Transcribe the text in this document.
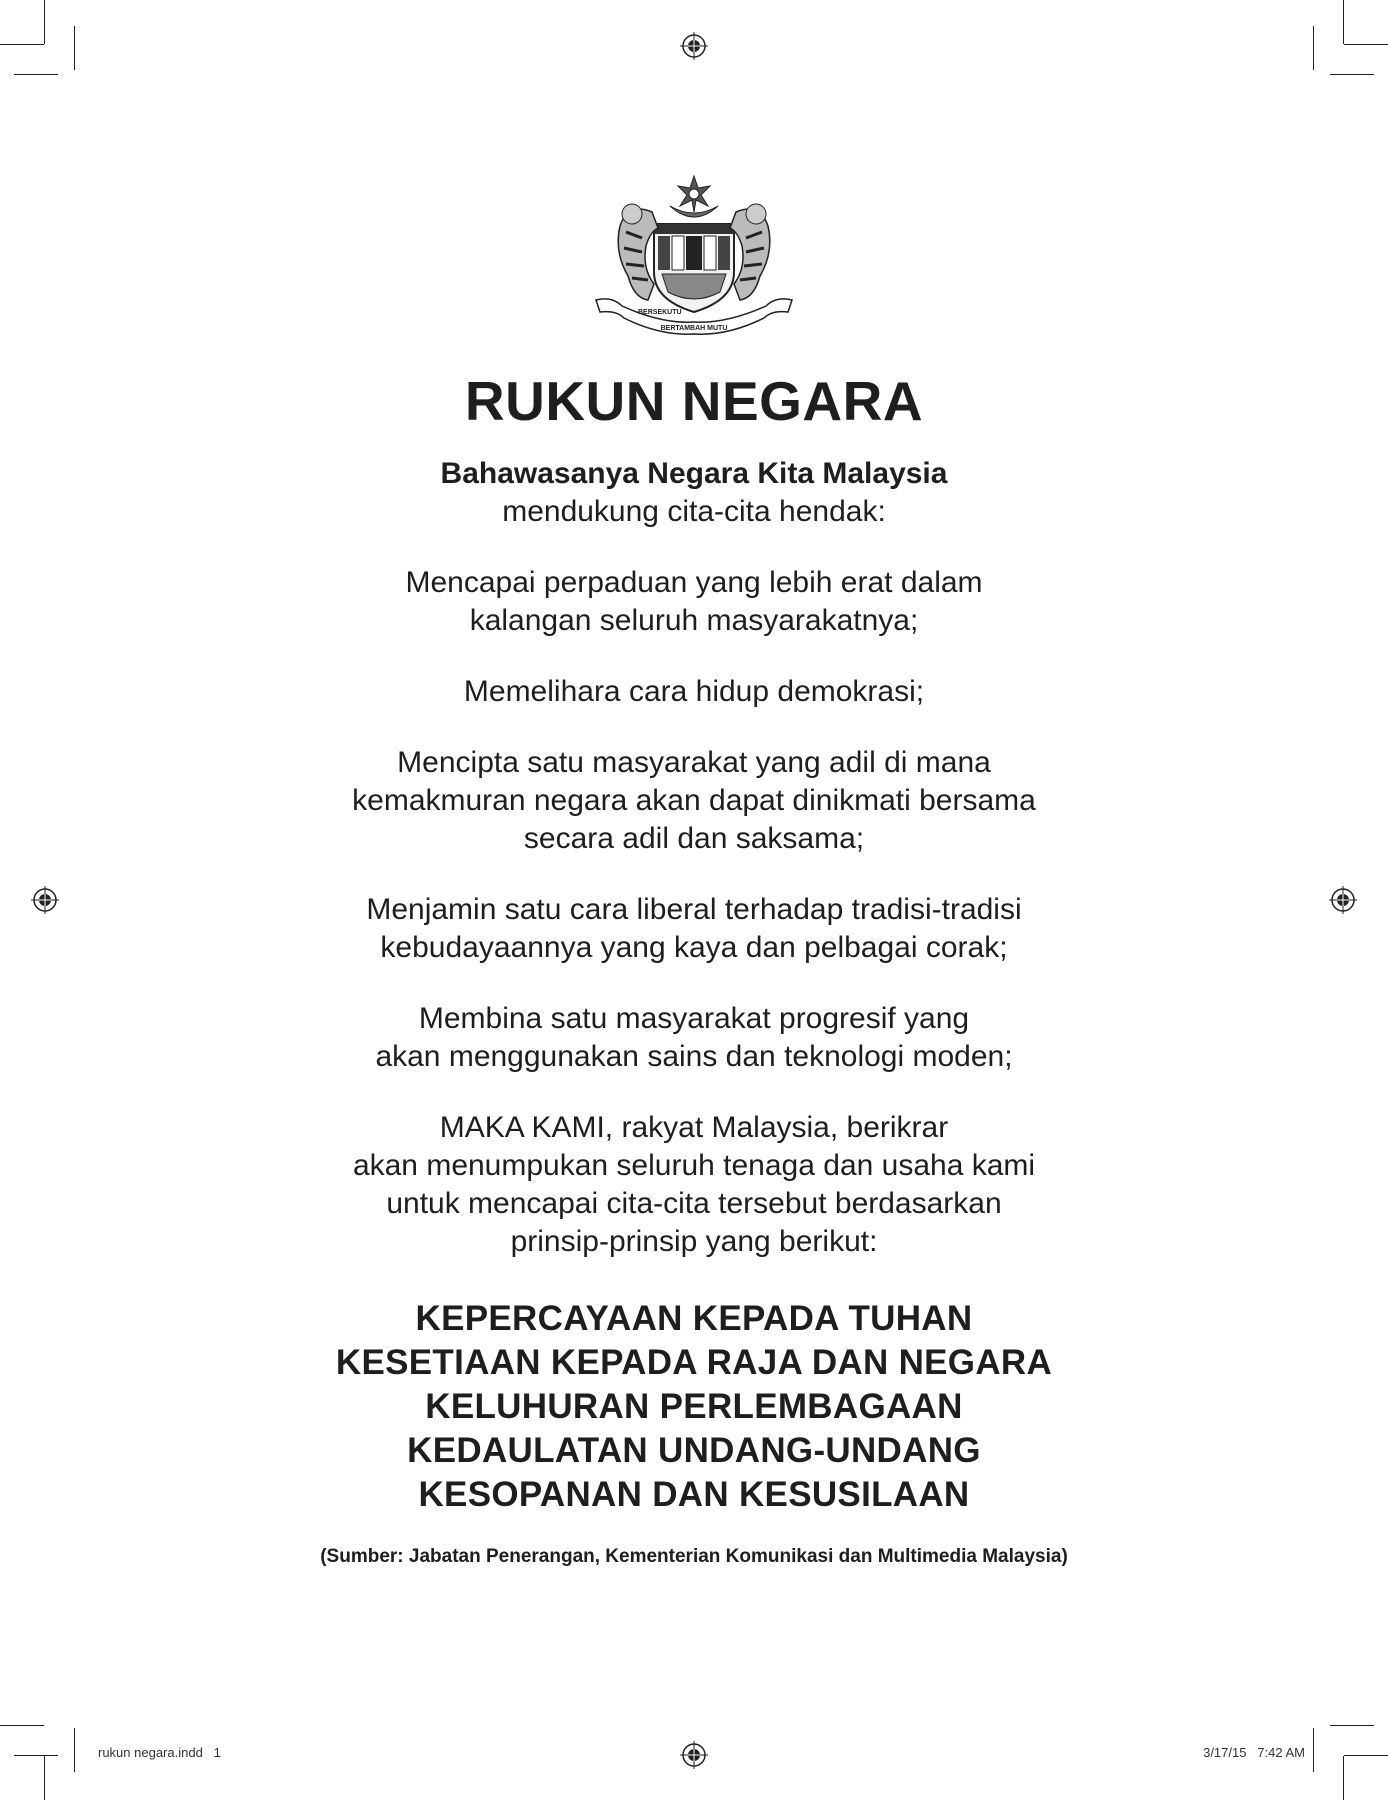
BERSEKUTU
BERTAMBAH MUTU
RUKUN NEGARA
Bahawasanya Negara Kita Malaysia
mendukung cita-cita hendak:
Mencapai perpaduan yang lebih erat dalam
kalangan seluruh masyarakatnya;
Memelihara cara hidup demokrasi;
Mencipta satu masyarakat yang adil di mana
kemakmuran negara akan dapat dinikmati bersama
secara adil dan saksama;
Menjamin satu cara liberal terhadap tradisi-tradisi
kebudayaannya yang kaya dan pelbagai corak;
Membina satu masyarakat progresif yang
akan menggunakan sains dan teknologi moden;
MAKA KAMI, rakyat Malaysia, berikrar
akan menumpukan seluruh tenaga dan usaha kami
untuk mencapai cita-cita tersebut berdasarkan
prinsip-prinsip yang berikut:
KEPERCAYAAN KEPADA TUHAN
KESETIAAN KEPADA RAJA DAN NEGARA
KELUHURAN PERLEMBAGAAN
KEDAULATAN UNDANG-UNDANG
KESOPANAN DAN KESUSILAAN
(Sumber: Jabatan Penerangan, Kementerian Komunikasi dan Multimedia Malaysia)
rukun negara.indd   1	3/17/15   7:42 AM
